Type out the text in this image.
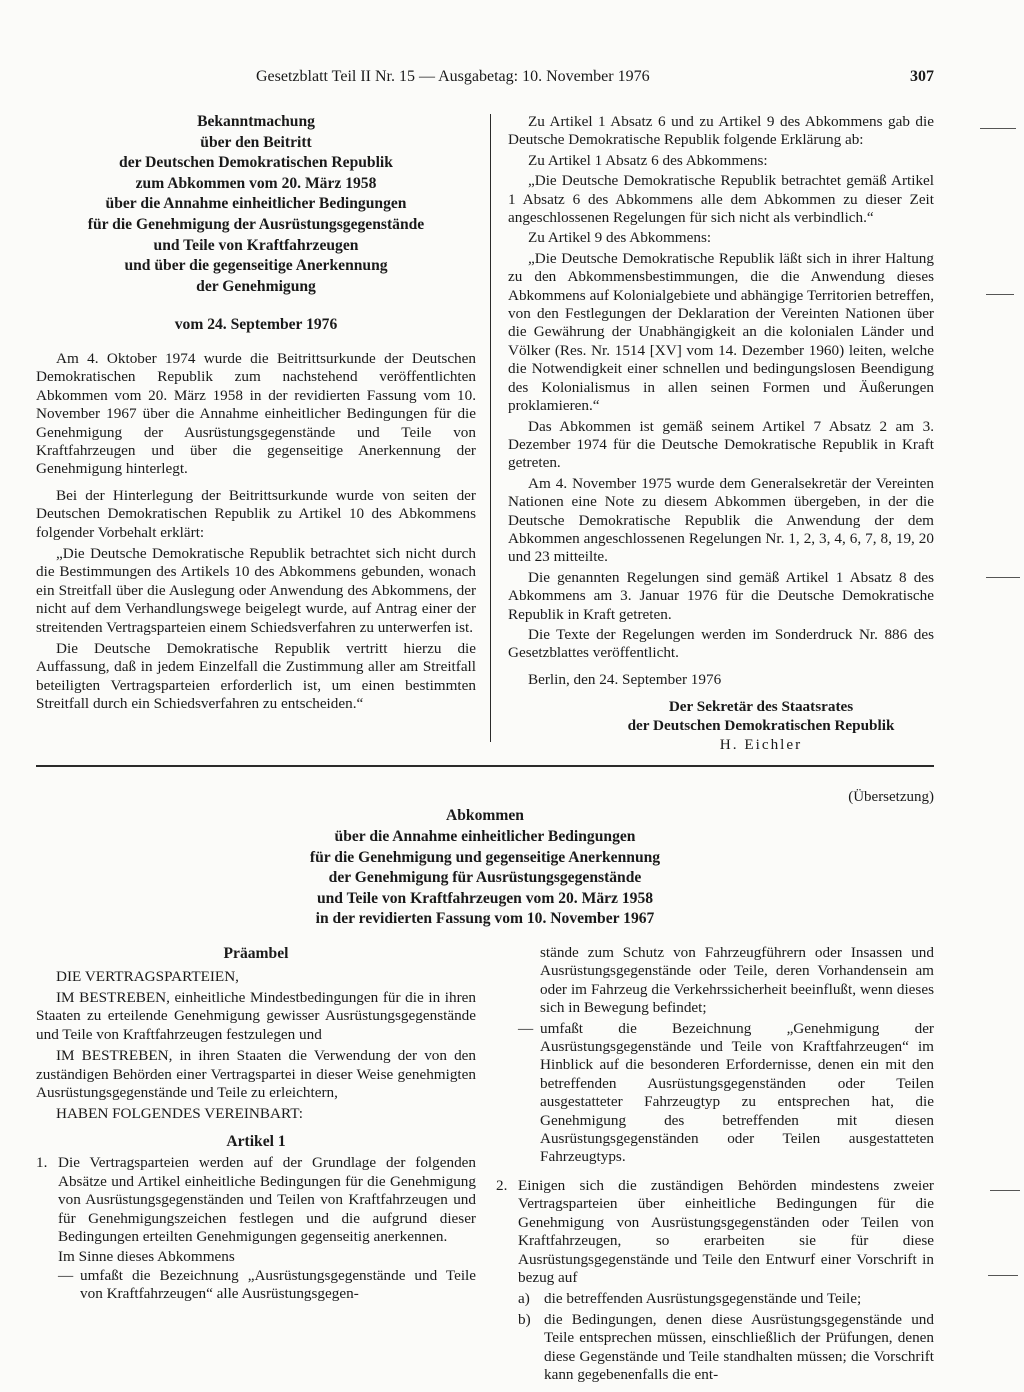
Gesetzblatt Teil II Nr. 15 — Ausgabetag: 10. November 1976	307
Bekanntmachung
über den Beitritt
der Deutschen Demokratischen Republik
zum Abkommen vom 20. März 1958
über die Annahme einheitlicher Bedingungen
für die Genehmigung der Ausrüstungsgegenstände
und Teile von Kraftfahrzeugen
und über die gegenseitige Anerkennung
der Genehmigung

vom 24. September 1976

Am 4. Oktober 1974 wurde die Beitrittsurkunde der Deutschen Demokratischen Republik zum nachstehend veröffentlichten Abkommen vom 20. März 1958 in der revidierten Fassung vom 10. November 1967 über die Annahme einheitlicher Bedingungen für die Genehmigung der Ausrüstungsgegenstände und Teile von Kraftfahrzeugen und über die gegenseitige Anerkennung der Genehmigung hinterlegt.

Bei der Hinterlegung der Beitrittsurkunde wurde von seiten der Deutschen Demokratischen Republik zu Artikel 10 des Abkommens folgender Vorbehalt erklärt:

„Die Deutsche Demokratische Republik betrachtet sich nicht durch die Bestimmungen des Artikels 10 des Abkommens gebunden, wonach ein Streitfall über die Auslegung oder Anwendung des Abkommens, der nicht auf dem Verhandlungswege beigelegt wurde, auf Antrag einer der streitenden Vertragsparteien einem Schiedsverfahren zu unterwerfen ist.

Die Deutsche Demokratische Republik vertritt hierzu die Auffassung, daß in jedem Einzelfall die Zustimmung aller am Streitfall beteiligten Vertragsparteien erforderlich ist, um einen bestimmten Streitfall durch ein Schiedsverfahren zu entscheiden.“

Zu Artikel 1 Absatz 6 und zu Artikel 9 des Abkommens gab die Deutsche Demokratische Republik folgende Erklärung ab:

Zu Artikel 1 Absatz 6 des Abkommens:

„Die Deutsche Demokratische Republik betrachtet gemäß Artikel 1 Absatz 6 des Abkommens alle dem Abkommen zu dieser Zeit angeschlossenen Regelungen für sich nicht als verbindlich.“

Zu Artikel 9 des Abkommens:

„Die Deutsche Demokratische Republik läßt sich in ihrer Haltung zu den Abkommensbestimmungen, die die Anwendung dieses Abkommens auf Kolonialgebiete und abhängige Territorien betreffen, von den Festlegungen der Deklaration der Vereinten Nationen über die Gewährung der Unabhängigkeit an die kolonialen Länder und Völker (Res. Nr. 1514 [XV] vom 14. Dezember 1960) leiten, welche die Notwendigkeit einer schnellen und bedingungslosen Beendigung des Kolonialismus in allen seinen Formen und Äußerungen proklamieren.“

Das Abkommen ist gemäß seinem Artikel 7 Absatz 2 am 3. Dezember 1974 für die Deutsche Demokratische Republik in Kraft getreten.

Am 4. November 1975 wurde dem Generalsekretär der Vereinten Nationen eine Note zu diesem Abkommen übergeben, in der die Deutsche Demokratische Republik die Anwendung der dem Abkommen angeschlossenen Regelungen Nr. 1, 2, 3, 4, 6, 7, 8, 19, 20 und 23 mitteilte.

Die genannten Regelungen sind gemäß Artikel 1 Absatz 8 des Abkommens am 3. Januar 1976 für die Deutsche Demokratische Republik in Kraft getreten.

Die Texte der Regelungen werden im Sonderdruck Nr. 886 des Gesetzblattes veröffentlicht.

Berlin, den 24. September 1976

Der Sekretär des Staatsrates
der Deutschen Demokratischen Republik
H. Eichler

(Übersetzung)

Abkommen
über die Annahme einheitlicher Bedingungen
für die Genehmigung und gegenseitige Anerkennung
der Genehmigung für Ausrüstungsgegenstände
und Teile von Kraftfahrzeugen vom 20. März 1958
in der revidierten Fassung vom 10. November 1967

Präambel

DIE VERTRAGSPARTEIEN,

IM BESTREBEN, einheitliche Mindestbedingungen für die in ihren Staaten zu erteilende Genehmigung gewisser Ausrüstungsgegenstände und Teile von Kraftfahrzeugen festzulegen und

IM BESTREBEN, in ihren Staaten die Verwendung der von den zuständigen Behörden einer Vertragspartei in dieser Weise genehmigten Ausrüstungsgegenstände und Teile zu erleichtern,

HABEN FOLGENDES VEREINBART:

Artikel 1

1. Die Vertragsparteien werden auf der Grundlage der folgenden Absätze und Artikel einheitliche Bedingungen für die Genehmigung von Ausrüstungsgegenständen und Teilen von Kraftfahrzeugen und für Genehmigungszeichen festlegen und die aufgrund dieser Bedingungen erteilten Genehmigungen gegenseitig anerkennen.

Im Sinne dieses Abkommens

— umfaßt die Bezeichnung „Ausrüstungsgegenstände und Teile von Kraftfahrzeugen“ alle Ausrüstungsgegen-

stände zum Schutz von Fahrzeugführern oder Insassen und Ausrüstungsgegenstände oder Teile, deren Vorhandensein am oder im Fahrzeug die Verkehrssicherheit beeinflußt, wenn dieses sich in Bewegung befindet;

— umfaßt die Bezeichnung „Genehmigung der Ausrüstungsgegenstände und Teile von Kraftfahrzeugen“ im Hinblick auf die besonderen Erfordernisse, denen ein mit den betreffenden Ausrüstungsgegenständen oder Teilen ausgestatteter Fahrzeugtyp zu entsprechen hat, die Genehmigung des betreffenden mit diesen Ausrüstungsgegenständen oder Teilen ausgestatteten Fahrzeugtyps.

2. Einigen sich die zuständigen Behörden mindestens zweier Vertragsparteien über einheitliche Bedingungen für die Genehmigung von Ausrüstungsgegenständen oder Teilen von Kraftfahrzeugen, so erarbeiten sie für diese Ausrüstungsgegenstände und Teile den Entwurf einer Vorschrift in bezug auf

a) die betreffenden Ausrüstungsgegenstände und Teile;

b) die Bedingungen, denen diese Ausrüstungsgegenstände und Teile entsprechen müssen, einschließlich der Prüfungen, denen diese Gegenstände und Teile standhalten müssen; die Vorschrift kann gegebenenfalls die ent-
